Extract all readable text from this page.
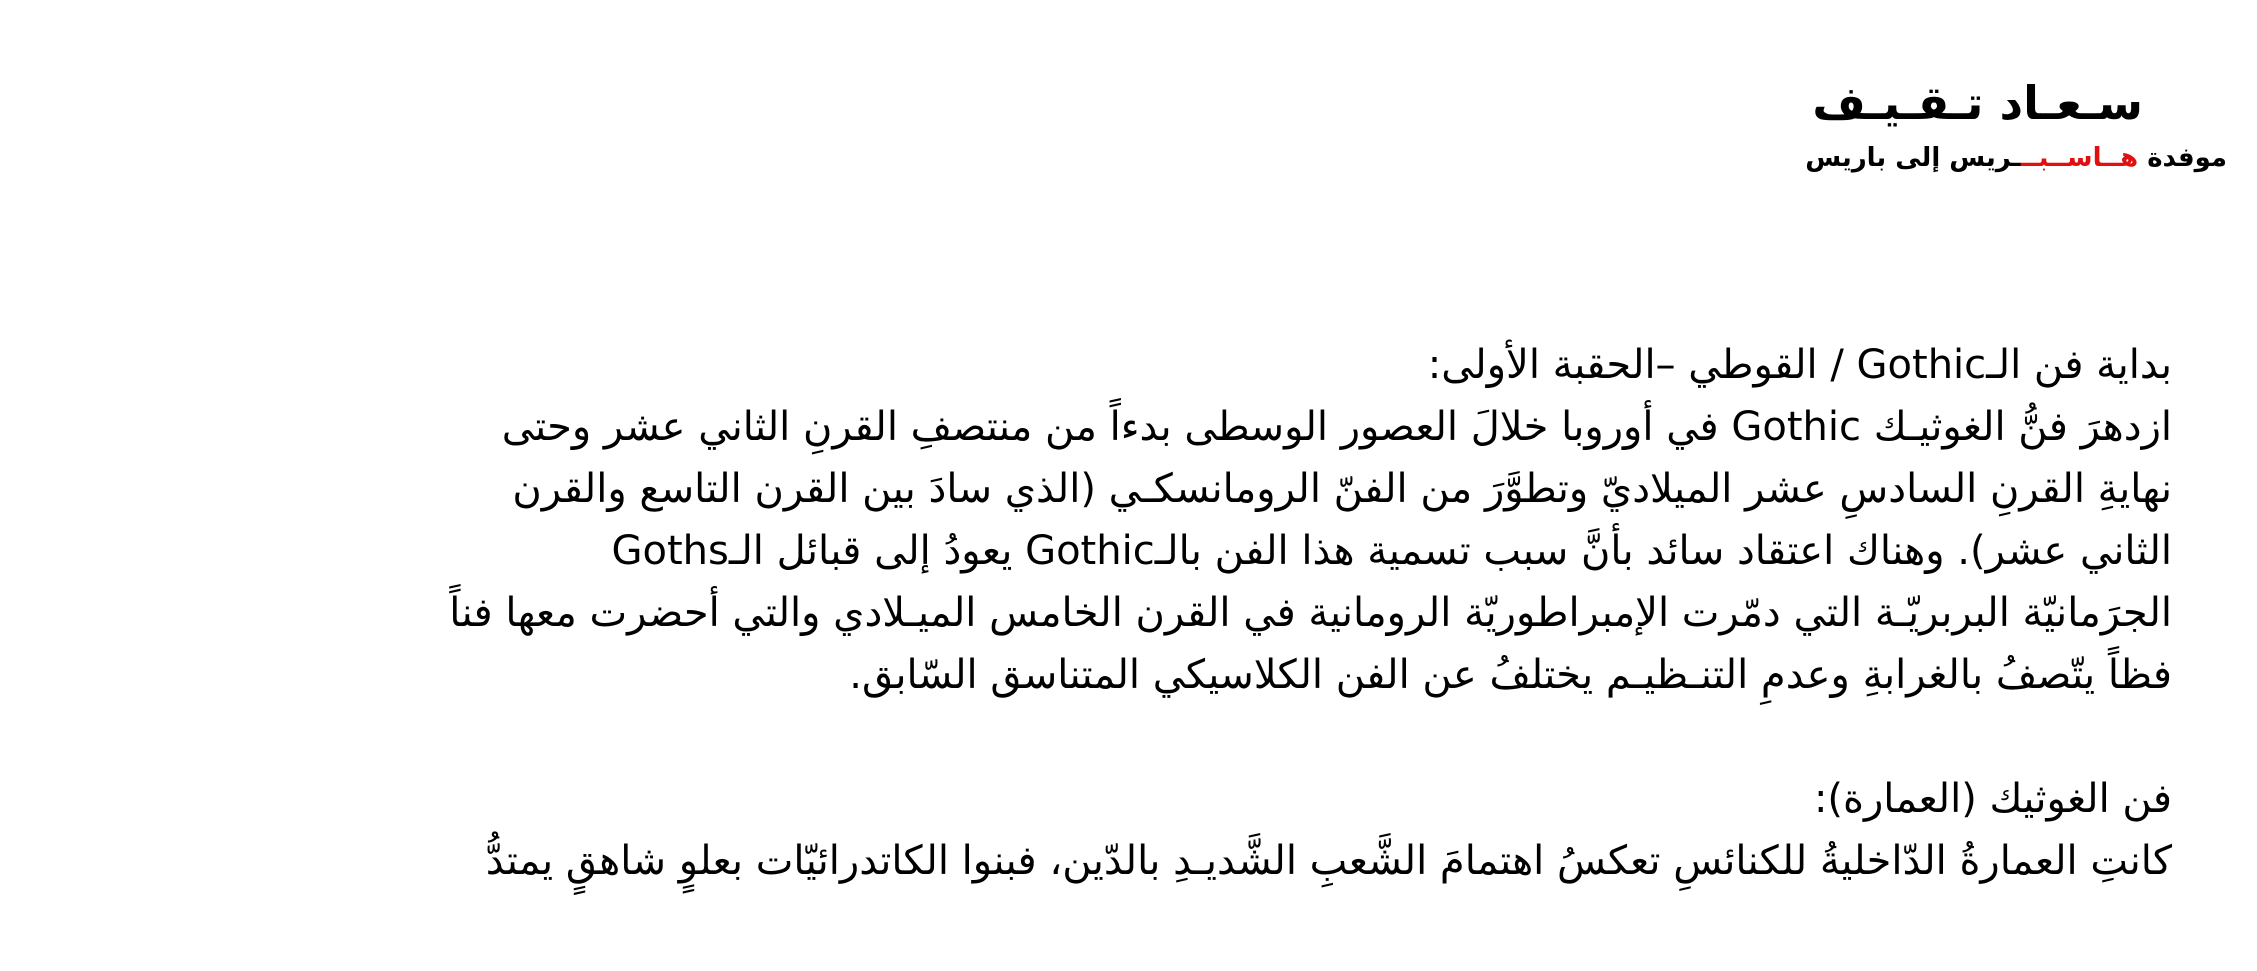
سـعـاد تـقـيـف

موفدة هــاســبـــريس إلى باريس

بداية فن الـGothic / القوطي –الحقبة الأولى:

ازدهرَ فنُّ الغوثيـك Gothic في أوروبا خلالَ العصور الوسطى بدءاً من منتصفِ القرنِ الثاني عشر وحتى

نهايةِ القرنِ السادسِ عشر الميلاديّ وتطوَّرَ من الفنّ الرومانسكـي (الذي سادَ بين القرن التاسع والقرن

الثاني عشر). وهناك اعتقاد سائد بأنَّ سبب تسمية هذا الفن بالـGothic يعودُ إلى قبائل الـGoths

الجرَمانيّة البربريّـة التي دمّرت الإمبراطوريّة الرومانية في القرن الخامس الميـلادي والتي أحضرت معها فناً

فظاً يتّصفُ بالغرابةِ وعدمِ التنـظيـم يختلفُ عن الفن الكلاسيكي المتناسق السّابق.

فن الغوثيك (العمارة):

كانتِ العمارةُ الدّاخليةُ للكنائسِ تعكسُ اهتمامَ الشَّعبِ الشَّديـدِ بالدّين، فبنوا الكاتدرائيّات بعلوٍ شاهقٍ يمتدُّ
